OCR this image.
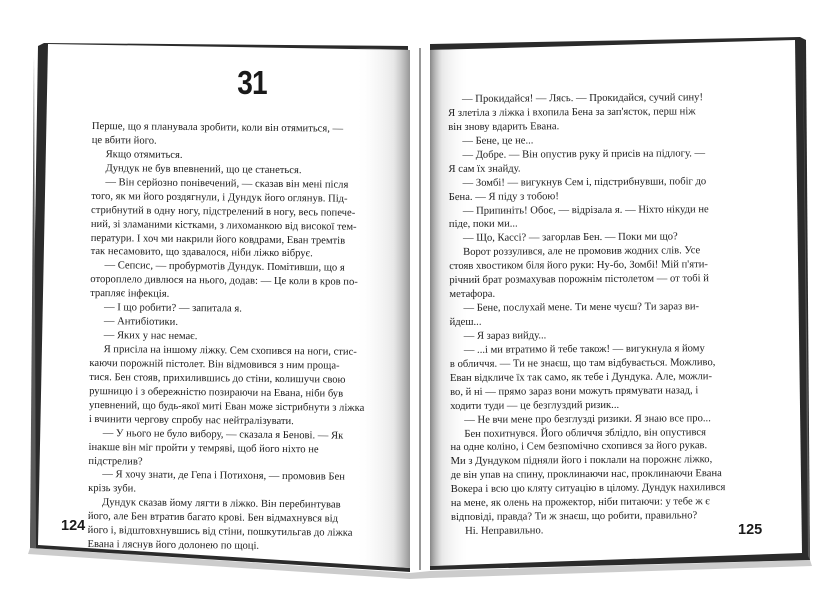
31
Перше, що я планувала зробити, коли він отямиться, —
це вбити його.
Якщо отямиться.
Дундук не був впевнений, що це станеться.
— Він серйозно понівечений, — сказав він мені після
того, як ми його роздягнули, і Дундук його оглянув. Під-
стрибнутий в одну ногу, підстрелений в ногу, весь попече-
ний, зі зламаними кістками, з лихоманкою від високої тем-
ператури. І хоч ми накрили його ковдрами, Еван тремтів
так несамовито, що здавалося, ніби ліжко вібрує.
— Сепсис, — пробурмотів Дундук. Помітивши, що я
отороплело дивлюся на нього, додав: — Це коли в кров по-
трапляє інфекція.
— І що робити? — запитала я.
— Антибіотики.
— Яких у нас немає.
Я присіла на іншому ліжку. Сем схопився на ноги, стис-
каючи порожній пістолет. Він відмовився з ним проща-
тися. Бен стояв, прихилившись до стіни, колишучи свою
рушницю і з обережністю позираючи на Евана, ніби був
упевнений, що будь-якої миті Еван може зістрибнути з ліжка
і вчинити чергову спробу нас нейтралізувати.
— У нього не було вибору, — сказала я Бенові. — Як
інакше він міг пройти у темряві, щоб його ніхто не
підстрелив?
— Я хочу знати, де Гепа і Потихоня, — промовив Бен
крізь зуби.
Дундук сказав йому лягти в ліжко. Він перебинтував
його, але Бен втратив багато крові. Бен відмахнувся від
його і, відштовхнувшись від стіни, пошкутильгав до ліжка
Евана і ляснув його долонею по щоці.
— Прокидайся! — Лясь. — Прокидайся, сучий сину!
Я злетіла з ліжка і вхопила Бена за зап'ясток, перш ніж
він знову вдарить Евана.
— Бене, це не...
— Добре. — Він опустив руку й присів на підлогу. —
Я сам їх знайду.
— Зомбі! — вигукнув Сем і, підстрибнувши, побіг до
Бена. — Я піду з тобою!
— Припиніть! Обоє, — відрізала я. — Ніхто нікуди не
піде, поки ми...
— Що, Кассі? — загорлав Бен. — Поки ми що?
Ворот роззулився, але не промовив жодних слів. Усе
стояв хвостиком біля його руки: Ну-бо, Зомбі! Мій п'яти-
річний брат розмахував порожнім пістолетом — от тобі й
метафора.
— Бене, послухай мене. Ти мене чуєш? Ти зараз ви-
йдеш...
— Я зараз вийду...
— ...і ми втратимо й тебе також! — вигукнула я йому
в обличчя. — Ти не знаєш, що там відбувається. Можливо,
Еван відкличе їх так само, як тебе і Дундука. Але, можли-
во, й ні — прямо зараз вони можуть прямувати назад, і
ходити туди — це безглуздий ризик...
— Не вчи мене про безглузді ризики. Я знаю все про...
Бен похитнувся. Його обличчя зблідло, він опустився
на одне коліно, і Сем безпомічно схопився за його рукав.
Ми з Дундуком підняли його і поклали на порожнє ліжко,
де він упав на спину, проклинаючи нас, проклинаючи Евана
Вокера і всю цю кляту ситуацію в цілому. Дундук нахилився
на мене, як олень на прожектор, ніби питаючи: у тебе ж є
відповіді, правда? Ти ж знаєш, що робити, правильно?
Ні. Неправильно.
124	125
